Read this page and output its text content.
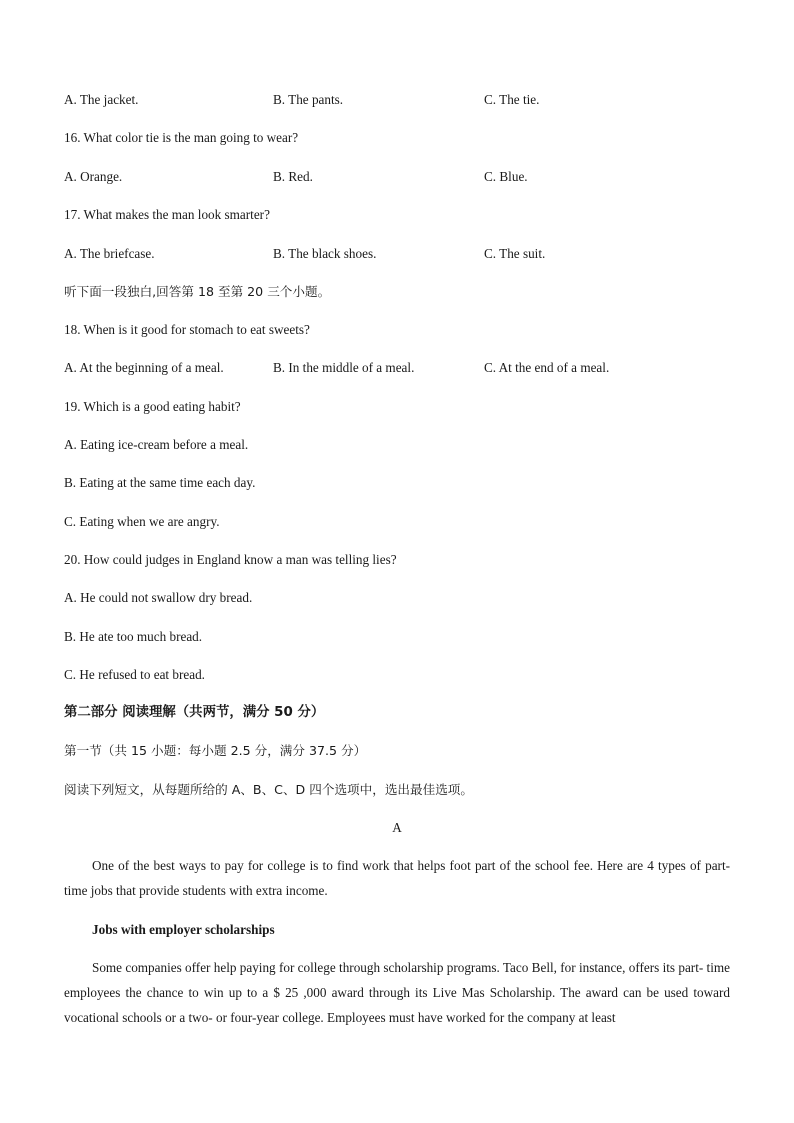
A. The jacket.	B. The pants.	C. The tie.
16. What color tie is the man going to wear?
A. Orange.	B. Red.	C. Blue.
17. What makes the man look smarter?
A. The briefcase.	B. The black shoes.	C. The suit.
听下面一段独白,回答第 18 至第 20 三个小题。
18. When is it good for stomach to eat sweets?
A. At the beginning of a meal.	B. In the middle of a meal.	C. At the end of a meal.
19. Which is a good eating habit?
A. Eating ice-cream before a meal.
B. Eating at the same time each day.
C. Eating when we are angry.
20. How could judges in England know a man was telling lies?
A. He could not swallow dry bread.
B. He ate too much bread.
C. He refused to eat bread.
第二部分 阅读理解（共两节，满分 50 分）
第一节（共 15 小题：每小题 2.5 分，满分 37.5 分）
阅读下列短文，从每题所给的 A、B、C、D 四个选项中，选出最佳选项。
A
One of the best ways to pay for college is to find work that helps foot part of the school fee. Here are 4 types of part-time jobs that provide students with extra income.
Jobs with employer scholarships
Some companies offer help paying for college through scholarship programs. Taco Bell, for instance, offers its part- time employees the chance to win up to a $ 25 ,000 award through its Live Mas Scholarship. The award can be used toward vocational schools or a two- or four-year college. Employees must have worked for the company at least
